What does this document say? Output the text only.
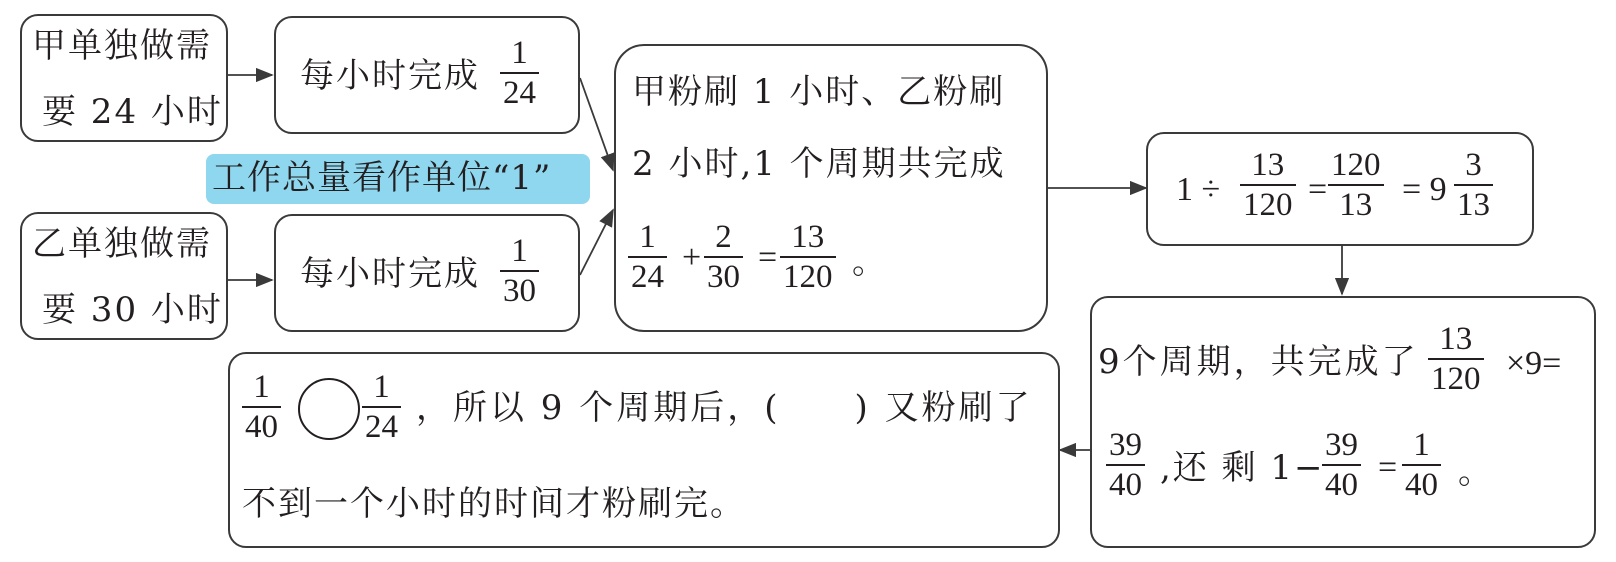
甲单独做需
要 24 小时
乙单独做需
要 30 小时
每小时完成
1
24
工作总量看作单位“1”
每小时完成
1
30
甲粉刷 1 小时、乙粉刷
2 小时,1 个周期共完成
1
24
+
2
30
=
13
120 。
1 ÷
13
120 =
120
13 = 9
3
13
9个周期，共完成了
13
120 ×9=
39
40 ,还 剩 1−
39
40 =
1
40 。
1
40
1
24 ，所以 9 个周期后，(　　) 又粉刷了
不到一个小时的时间才粉刷完。
